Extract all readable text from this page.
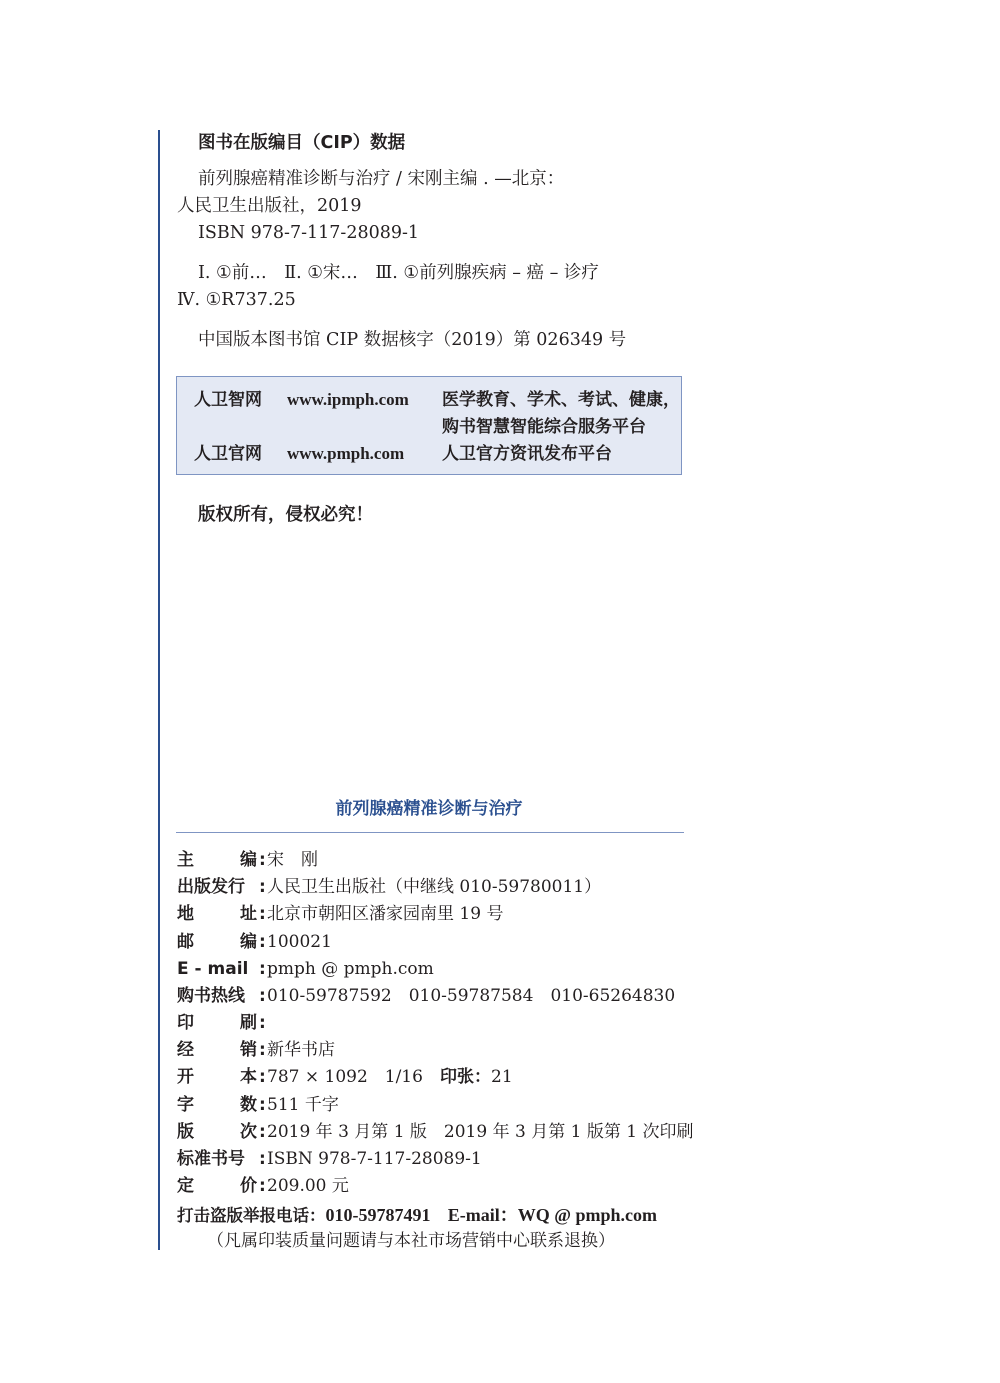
图书在版编目（CIP）数据
前列腺癌精准诊断与治疗 / 宋刚主编 . —北京：
人民卫生出版社，2019
ISBN 978-7-117-28089-1
Ⅰ. ①前…　Ⅱ. ①宋…　Ⅲ. ①前列腺疾病 – 癌 – 诊疗
Ⅳ. ①R737.25
中国版本图书馆 CIP 数据核字（2019）第 026349 号
人卫智网 www.ipmph.com 医学教育、学术、考试、健康，
购书智慧智能综合服务平台
人卫官网 www.pmph.com 人卫官方资讯发布平台
版权所有，侵权必究！
前列腺癌精准诊断与治疗
主	编 : 宋　刚
出版发行 : 人民卫生出版社（中继线 010-59780011）
地	址 : 北京市朝阳区潘家园南里 19 号
邮	编 : 100021
E - mail : pmph @ pmph.com
购书热线 : 010-59787592　010-59787584　010-65264830
印	刷 :
经	销 : 新华书店
开	本 : 787 × 1092　1/16 印张： 21
字	数 : 511 千字
版	次 : 2019 年 3 月第 1 版　2019 年 3 月第 1 版第 1 次印刷
标准书号 : ISBN 978-7-117-28089-1
定	价 : 209.00 元
打击盗版举报电话：010-59787491 E-mail：WQ @ pmph.com
（凡属印装质量问题请与本社市场营销中心联系退换）
